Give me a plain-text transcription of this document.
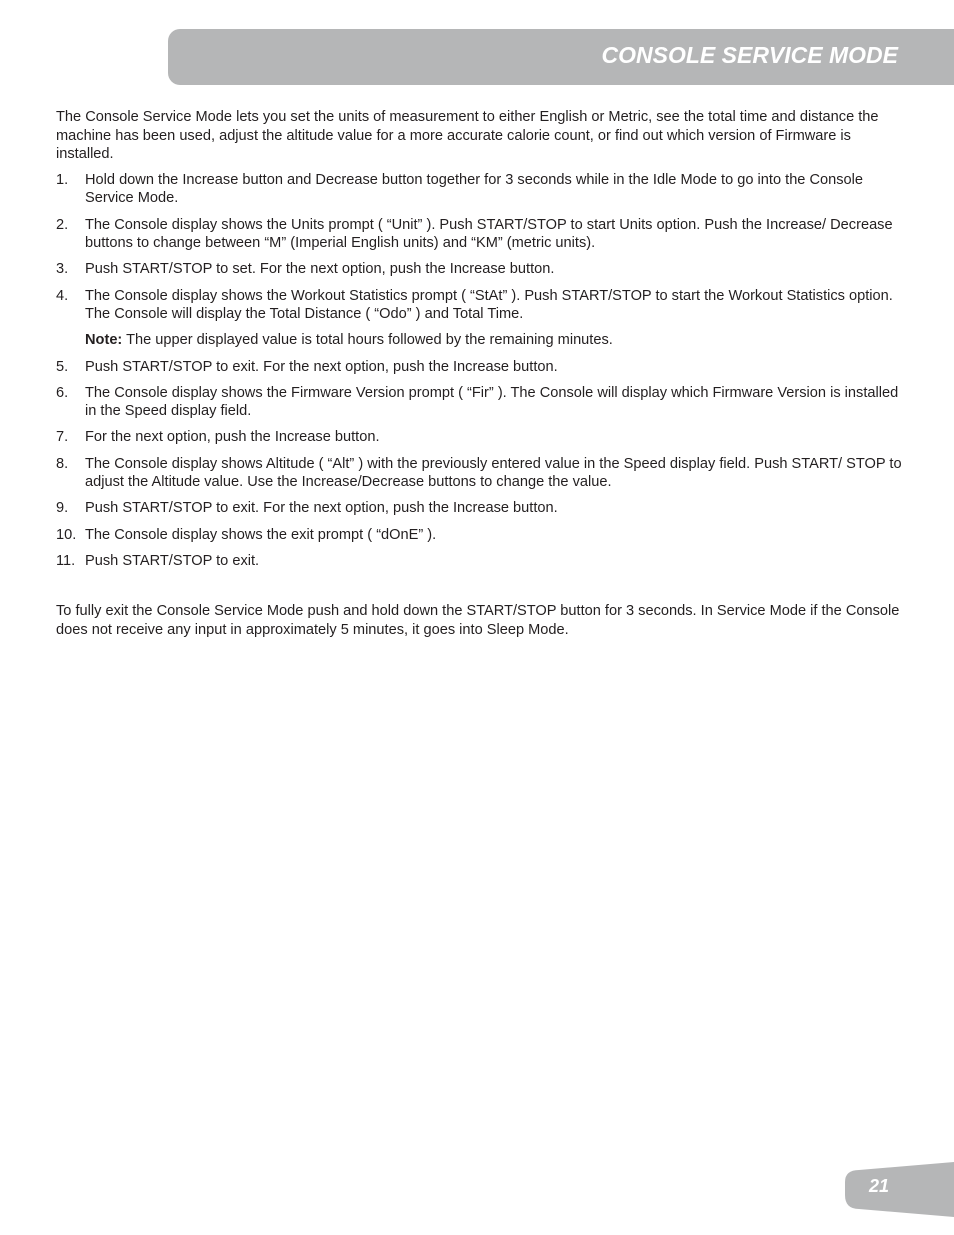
CONSOLE SERVICE MODE

The Console Service Mode lets you set the units of measurement to either English or Metric, see the total time and distance the machine has been used, adjust the altitude value for a more accurate calorie count, or find out which version of Firmware is installed.

1. Hold down the Increase button and Decrease button together for 3 seconds while in the Idle Mode to go into the Console Service Mode.
2. The Console display shows the Units prompt ( “Unit” ). Push START/STOP to start Units option. Push the Increase/ Decrease buttons to change between “M” (Imperial English units) and “KM” (metric units).
3. Push START/STOP to set. For the next option, push the Increase button.
4. The Console display shows the Workout Statistics prompt ( “StAt” ). Push START/STOP to start the Workout Statistics option. The Console will display the Total Distance ( “Odo” ) and Total Time.

Note: The upper displayed value is total hours followed by the remaining minutes.

5. Push START/STOP to exit. For the next option, push the Increase button.
6. The Console display shows the Firmware Version prompt ( “Fir” ). The Console will display which Firmware Version is installed in the Speed display field.
7. For the next option, push the Increase button.
8. The Console display shows Altitude ( “Alt” ) with the previously entered value in the Speed display field. Push START/ STOP to adjust the Altitude value. Use the Increase/Decrease buttons to change the value.
9. Push START/STOP to exit. For the next option, push the Increase button.
10. The Console display shows the exit prompt ( “dOnE” ).
11. Push START/STOP to exit.

To fully exit the Console Service Mode push and hold down the START/STOP button for 3 seconds. In Service Mode if the Console does not receive any input in approximately 5 minutes, it goes into Sleep Mode.

21
